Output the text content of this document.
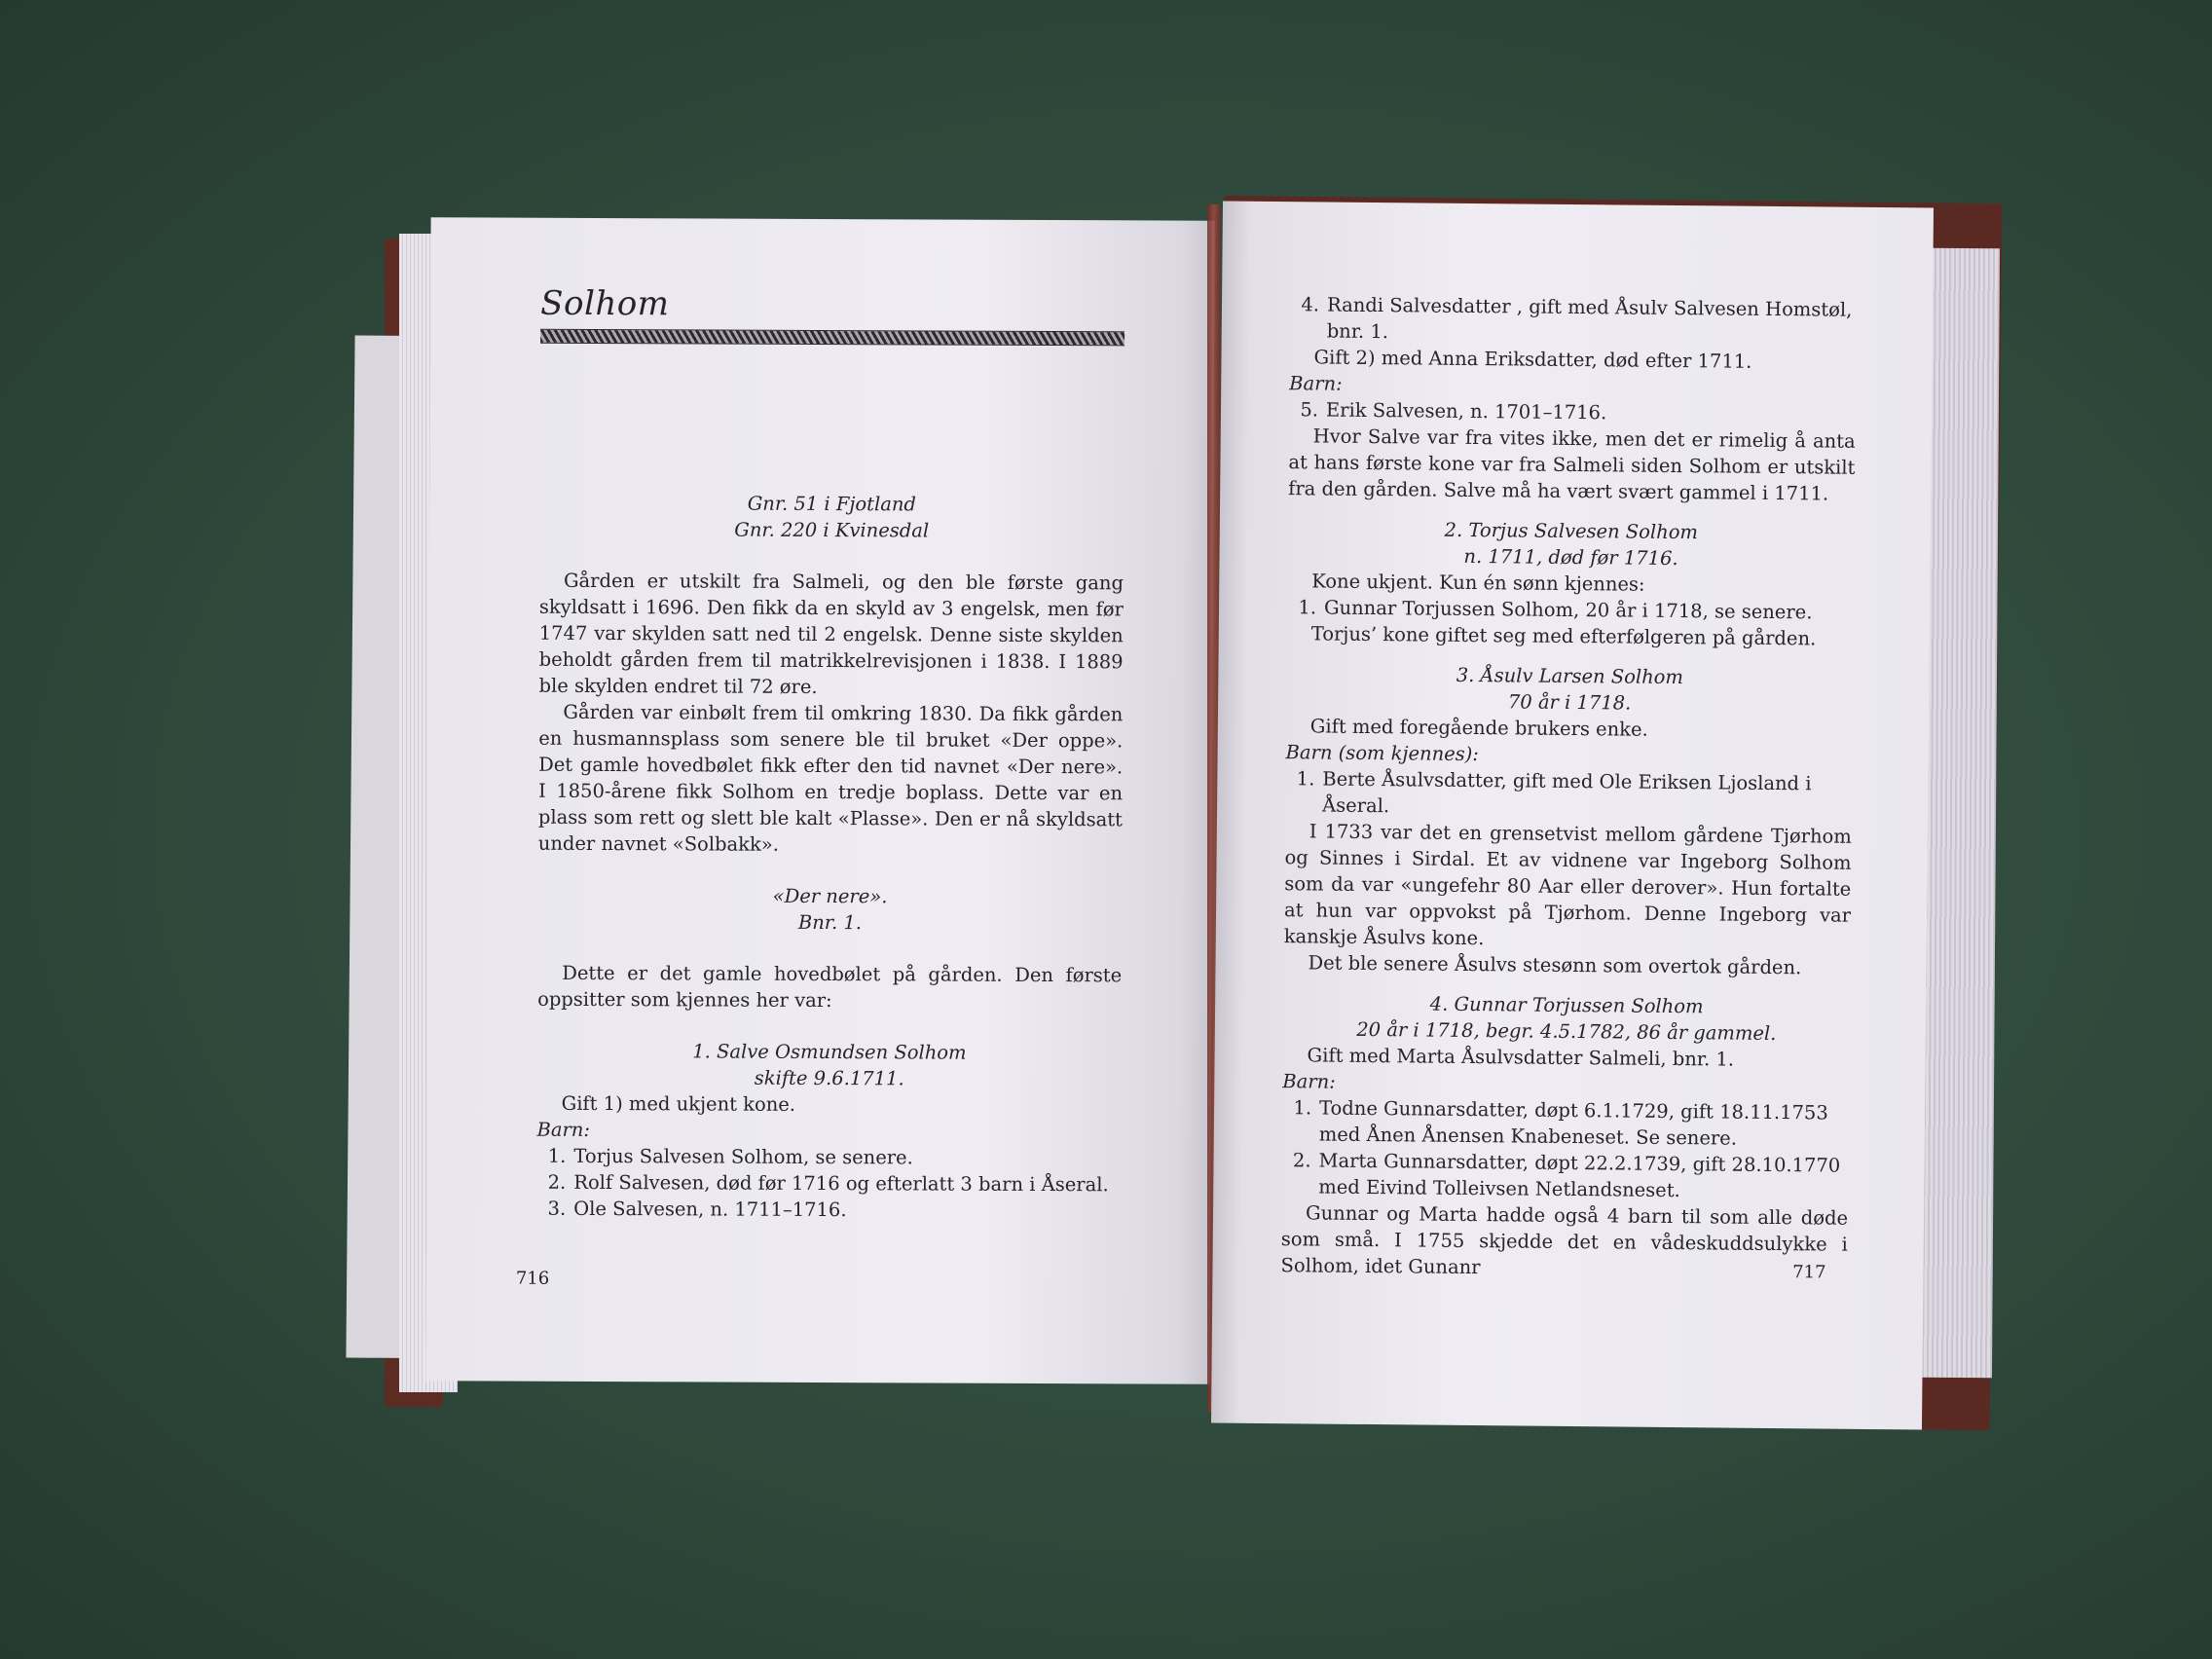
Solhom

Gnr. 51 i Fjotland

Gnr. 220 i Kvinesdal

Gården er utskilt fra Salmeli, og den ble første gang skyldsatt i 1696. Den fikk da en skyld av 3 engelsk, men før 1747 var skylden satt ned til 2 engelsk. Denne siste skylden beholdt gården frem til matrikkelrevisjonen i 1838. I 1889 ble skylden endret til 72 øre.

Gården var einbølt frem til omkring 1830. Da fikk gården en husmannsplass som senere ble til bruket «Der oppe». Det gamle hovedbølet fikk efter den tid navnet «Der nere». I 1850-årene fikk Solhom en tredje boplass. Dette var en plass som rett og slett ble kalt «Plasse». Den er nå skyldsatt under navnet «Solbakk».

«Der nere».

Bnr. 1.

Dette er det gamle hovedbølet på gården. Den første oppsitter som kjennes her var:

1. Salve Osmundsen Solhom

skifte 9.6.1711.

Gift 1) med ukjent kone.

Barn:
1. Torjus Salvesen Solhom, se senere.
2. Rolf Salvesen, død før 1716 og efterlatt 3 barn i Åseral.
3. Ole Salvesen, n. 1711–1716.
716
4. Randi Salvesdatter , gift med Åsulv Salvesen Homstøl, bnr. 1.

Gift 2) med Anna Eriksdatter, død efter 1711.

Barn:
5. Erik Salvesen, n. 1701–1716.

Hvor Salve var fra vites ikke, men det er rimelig å anta at hans første kone var fra Salmeli siden Solhom er utskilt fra den gården. Salve må ha vært svært gammel i 1711.

2. Torjus Salvesen Solhom

n. 1711, død før 1716.

Kone ukjent. Kun én sønn kjennes:

1. Gunnar Torjussen Solhom, 20 år i 1718, se senere.

Torjus’ kone giftet seg med efterfølgeren på gården.

3. Åsulv Larsen Solhom

70 år i 1718.

Gift med foregående brukers enke.

Barn (som kjennes):
1. Berte Åsulvsdatter, gift med Ole Eriksen Ljosland i Åseral.

I 1733 var det en grensetvist mellom gårdene Tjørhom og Sinnes i Sirdal. Et av vidnene var Ingeborg Solhom som da var «ungefehr 80 Aar eller derover». Hun fortalte at hun var oppvokst på Tjørhom. Denne Ingeborg var kanskje Åsulvs kone.

Det ble senere Åsulvs stesønn som overtok gården.

4. Gunnar Torjussen Solhom

20 år i 1718, begr. 4.5.1782, 86 år gammel.

Gift med Marta Åsulvsdatter Salmeli, bnr. 1.

Barn:
1. Todne Gunnarsdatter, døpt 6.1.1729, gift 18.11.1753 med Ånen Ånensen Knabeneset. Se senere.
2. Marta Gunnarsdatter, døpt 22.2.1739, gift 28.10.1770 med Eivind Tolleivsen Netlandsneset.

Gunnar og Marta hadde også 4 barn til som alle døde som små. I 1755 skjedde det en vådeskuddsulykke i Solhom, idet Gunanr	717
